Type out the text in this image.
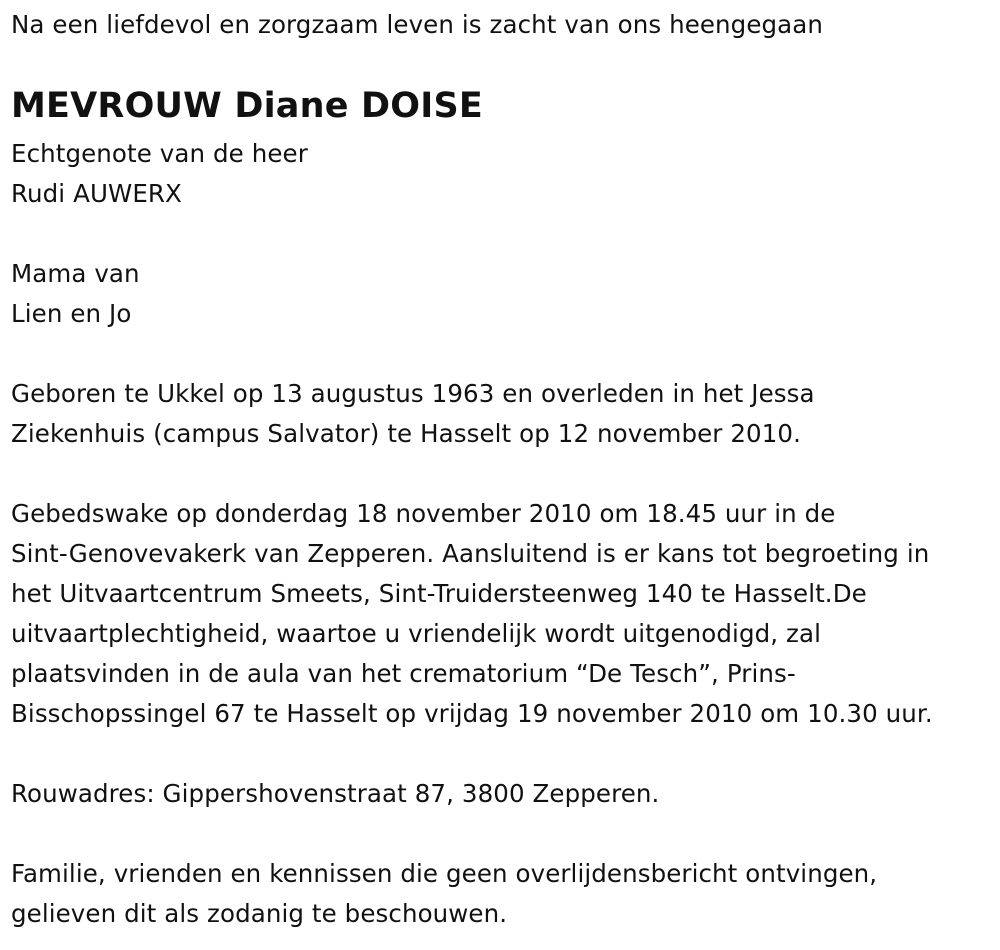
Na een liefdevol en zorgzaam leven is zacht van ons heengegaan
MEVROUW Diane DOISE
Echtgenote van de heer
Rudi AUWERX
Mama van
Lien en Jo
Geboren te Ukkel op 13 augustus 1963 en overleden in het Jessa
Ziekenhuis (campus Salvator) te Hasselt op 12 november 2010.
Gebedswake op donderdag 18 november 2010 om 18.45 uur in de
Sint-Genovevakerk van Zepperen. Aansluitend is er kans tot begroeting in
het Uitvaartcentrum Smeets, Sint-Truidersteenweg 140 te Hasselt.De
uitvaartplechtigheid, waartoe u vriendelijk wordt uitgenodigd, zal
plaatsvinden in de aula van het crematorium “De Tesch”, Prins-
Bisschopssingel 67 te Hasselt op vrijdag 19 november 2010 om 10.30 uur.
Rouwadres: Gippershovenstraat 87, 3800 Zepperen.
Familie, vrienden en kennissen die geen overlijdensbericht ontvingen,
gelieven dit als zodanig te beschouwen.
